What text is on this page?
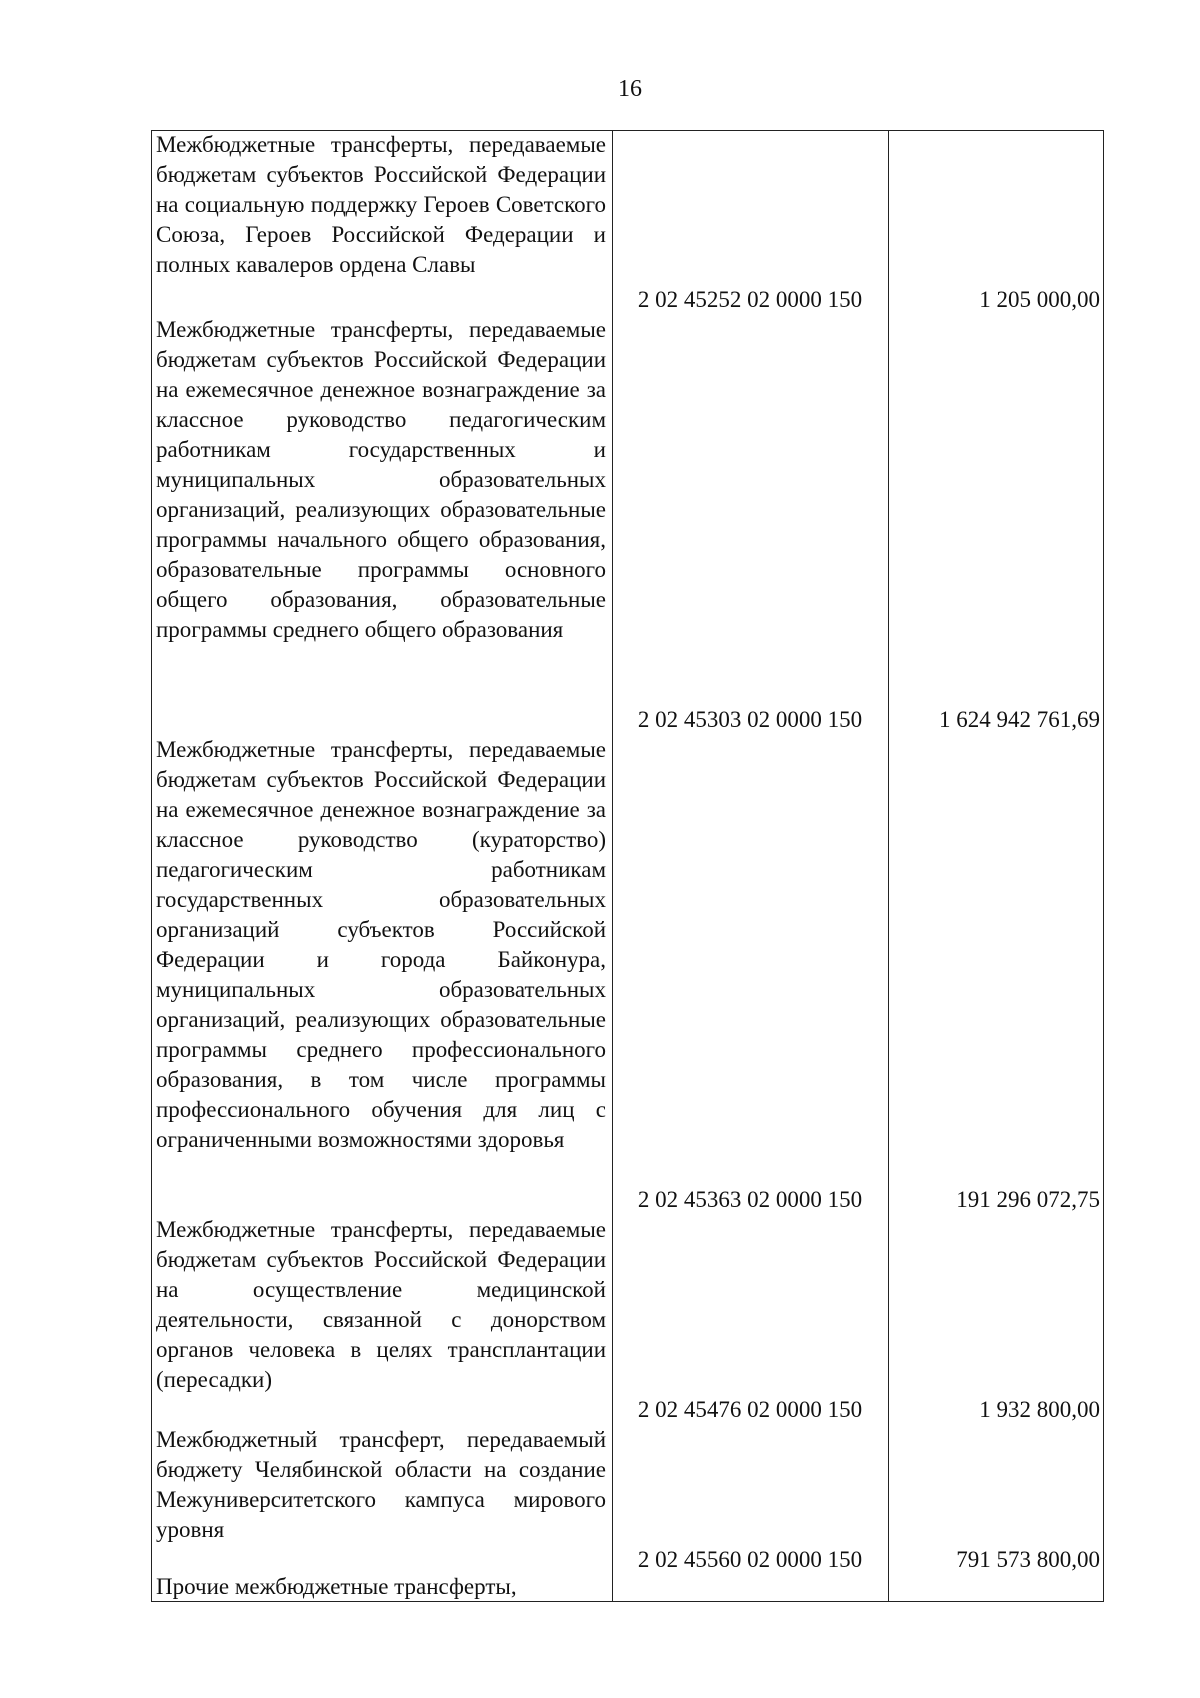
16
Межбюджетные трансферты, передаваемые бюджетам субъектов Российской Федерации на социальную поддержку Героев Советского Союза, Героев Российской Федерации и полных кавалеров ордена Славы
2 02 45252 02 0000 150	1 205 000,00
Межбюджетные трансферты, передаваемые бюджетам субъектов Российской Федерации на ежемесячное денежное вознаграждение за классное руководство педагогическим работникам государственных и муниципальных образовательных организаций, реализующих образовательные программы начального общего образования, образовательные программы основного общего образования, образовательные программы среднего общего образования
2 02 45303 02 0000 150	1 624 942 761,69
Межбюджетные трансферты, передаваемые бюджетам субъектов Российской Федерации на ежемесячное денежное вознаграждение за классное руководство (кураторство) педагогическим работникам государственных образовательных организаций субъектов Российской Федерации и города Байконура, муниципальных образовательных организаций, реализующих образовательные программы среднего профессионального образования, в том числе программы профессионального обучения для лиц с ограниченными возможностями здоровья
2 02 45363 02 0000 150	191 296 072,75
Межбюджетные трансферты, передаваемые бюджетам субъектов Российской Федерации на осуществление медицинской деятельности, связанной с донорством органов человека в целях трансплантации (пересадки)
2 02 45476 02 0000 150	1 932 800,00
Межбюджетный трансферт, передаваемый бюджету Челябинской области на создание Межуниверситетского кампуса мирового уровня
2 02 45560 02 0000 150	791 573 800,00
Прочие межбюджетные трансферты,
